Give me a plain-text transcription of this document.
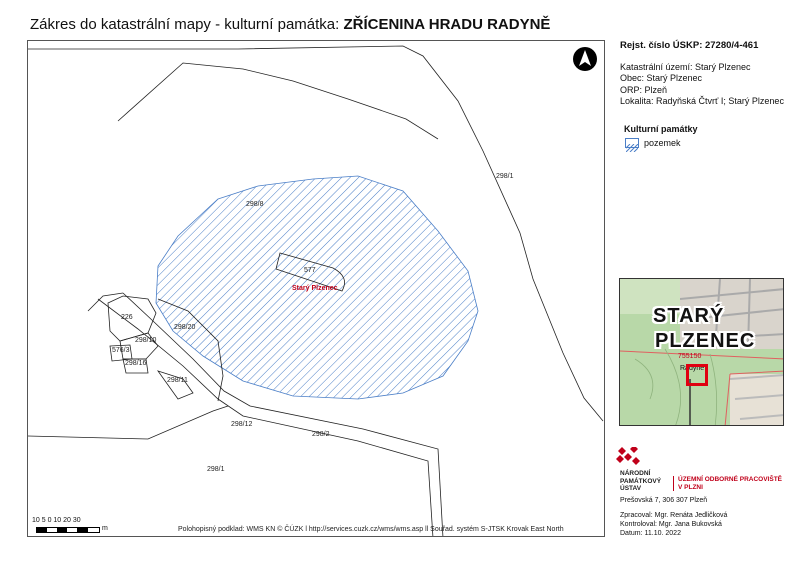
Zákres do katastrální mapy - kulturní památka: ZŘÍCENINA HRADU RADYNĚ
298/1
298/8
577
Starý Plzenec
226
298/10
576/3
298/16
298/20
298/11
298/12
298/2
298/1
10 5 0 10 20 30
m	Polohopisný podklad: WMS KN © ČÚZK l http://services.cuzk.cz/wms/wms.asp ll Souřad. systém S-JTSK Krovak East North
Rejst. číslo ÚSKP: 27280/4-461
Katastrální území: Starý Plzenec
Obec: Starý Plzenec
ORP: Plzeň
Lokalita: Radyňská Čtvrť I; Starý Plzenec
Kulturní památky
pozemek
STARÝ
PLZENEC
755150
Radyně
NÁRODNÍ
PAMÁTKOVÝ
ÚSTAV
ÚZEMNÍ ODBORNÉ PRACOVIŠTĚ
V PLZNI
Prešovská 7, 306 307 Plzeň
Zpracoval: Mgr. Renáta Jedličková
Kontroloval: Mgr. Jana Bukovská
Datum: 11.10. 2022
